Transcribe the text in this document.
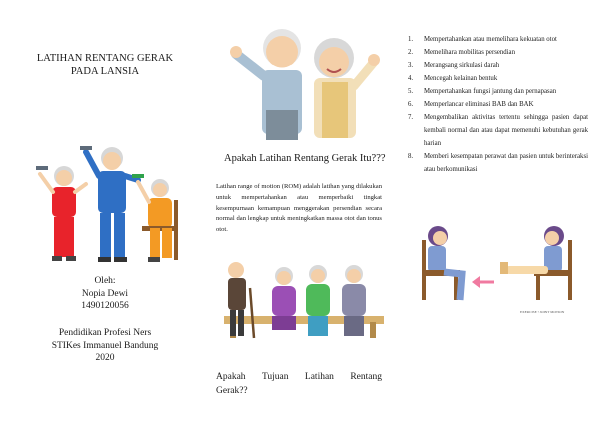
LATIHAN RENTANG GERAK
PADA LANSIA
Oleh:
Nopia Dewi
1490120056
Pendidikan Profesi Ners
STIKes Immanuel Bandung
2020
Apakah Latihan Rentang Gerak Itu???
Latihan range of motion (ROM) adalah latihan yang dilakukan untuk mempertahankan atau memperbaiki tingkat kesempurnaan kemampuan menggerakan persendian secara normal dan lengkap untuk meningkatkan massa otot dan tonus otot.
Apakah Tujuan Latihan Rentang
Gerak??
1.	Mempertahankan atau memelihara kekuatan otot
2.	Memelihara mobilitas persendian
3.	Merangsang sirkulasi darah
4.	Mencegah kelainan bentuk
5.	Mempertahankan fungsi jantung dan pernapasan
6.	Memperlancar eliminasi BAB dan BAK
7.	Mengembalikan aktivitas tertentu sehingga pasien dapat kembali normal dan atau dapat memenuhi kebutuhan gerak harian
8.	Memberi kesempatan perawat dan pasien untuk berinteraksi atau berkomunikasi
EXERCISE • JOINT MOTION
